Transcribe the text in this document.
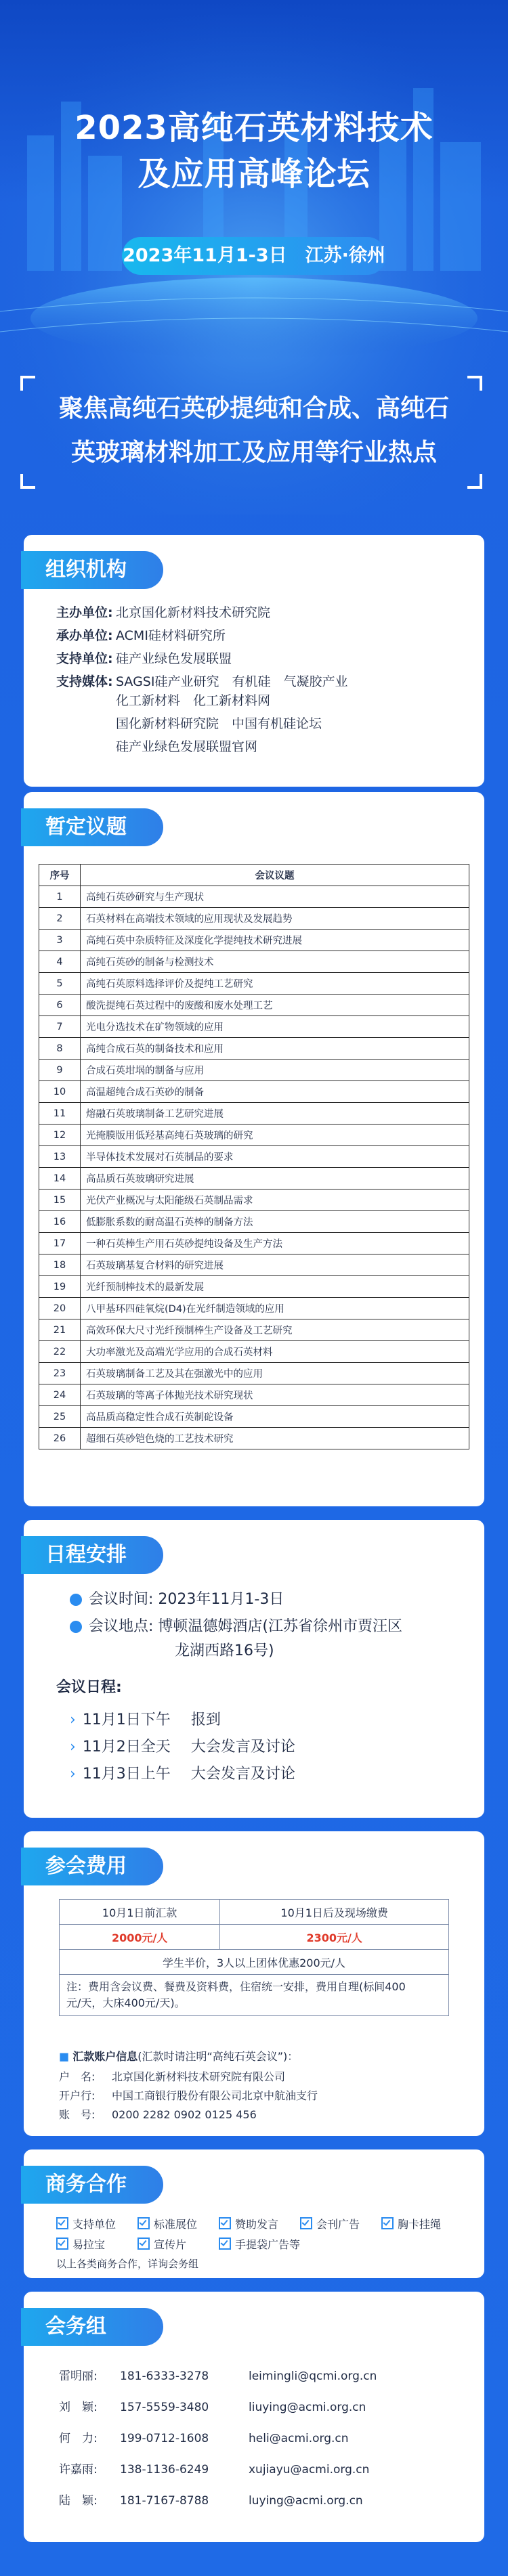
2023高纯石英材料技术
及应用高峰论坛
2023年11月1-3日　江苏·徐州
聚焦高纯石英砂提纯和合成、高纯石
英玻璃材料加工及应用等行业热点
组织机构
主办单位: 北京国化新材料技术研究院
承办单位: ACMI硅材料研究所
支持单位: 硅产业绿色发展联盟
支持媒体: SAGSI硅产业研究　有机硅　气凝胶产业
化工新材料　化工新材料网
国化新材料研究院　中国有机硅论坛
硅产业绿色发展联盟官网
暂定议题
序号	会议议题
1	高纯石英砂研究与生产现状
2	石英材料在高端技术领域的应用现状及发展趋势
3	高纯石英中杂质特征及深度化学提纯技术研究进展
4	高纯石英砂的制备与检测技术
5	高纯石英原料选择评价及提纯工艺研究
6	酸洗提纯石英过程中的废酸和废水处理工艺
7	光电分选技术在矿物领域的应用
8	高纯合成石英的制备技术和应用
9	合成石英坩埚的制备与应用
10	高温超纯合成石英砂的制备
11	熔融石英玻璃制备工艺研究进展
12	光掩膜版用低羟基高纯石英玻璃的研究
13	半导体技术发展对石英制品的要求
14	高品质石英玻璃研究进展
15	光伏产业概况与太阳能级石英制品需求
16	低膨胀系数的耐高温石英棒的制备方法
17	一种石英棒生产用石英砂提纯设备及生产方法
18	石英玻璃基复合材料的研究进展
19	光纤预制棒技术的最新发展
20	八甲基环四硅氧烷(D4)在光纤制造领域的应用
21	高效环保大尺寸光纤预制棒生产设备及工艺研究
22	大功率激光及高端光学应用的合成石英材料
23	石英玻璃制备工艺及其在强激光中的应用
24	石英玻璃的等离子体抛光技术研究现状
25	高品质高稳定性合成石英制砣设备
26	超细石英砂铠色烧的工艺技术研究
日程安排
会议时间: 2023年11月1-3日
会议地点: 博顿温德姆酒店(江苏省徐州市贾汪区
龙湖西路16号)
会议日程:
› 11月1日下午 报到
› 11月2日全天 大会发言及讨论
› 11月3日上午 大会发言及讨论
参会费用
10月1日前汇款	10月1日后及现场缴费
2000元/人	2300元/人
学生半价，3人以上团体优惠200元/人	

注：费用含会议费、餐费及资料费，住宿统一安排，费用自理(标间400
元/天，大床400元/天)。	
■ 汇款账户信息(汇款时请注明“高纯石英会议”)：
户　名: 北京国化新材料技术研究院有限公司
开户行: 中国工商银行股份有限公司北京中航油支行
账　号: 0200 2282 0902 0125 456
商务合作
支持单位	标准展位	赞助发言	会刊广告	胸卡挂绳
易拉宝	宣传片	手提袋广告等
以上各类商务合作，详询会务组
会务组
雷明丽: 181-6333-3278	leimingli@qcmi.org.cn
刘　颖: 157-5559-3480	liuying@acmi.org.cn
何　力: 199-0712-1608	heli@acmi.org.cn
许嘉雨: 138-1136-6249	xujiayu@acmi.org.cn
陆　颖: 181-7167-8788	luying@acmi.org.cn
